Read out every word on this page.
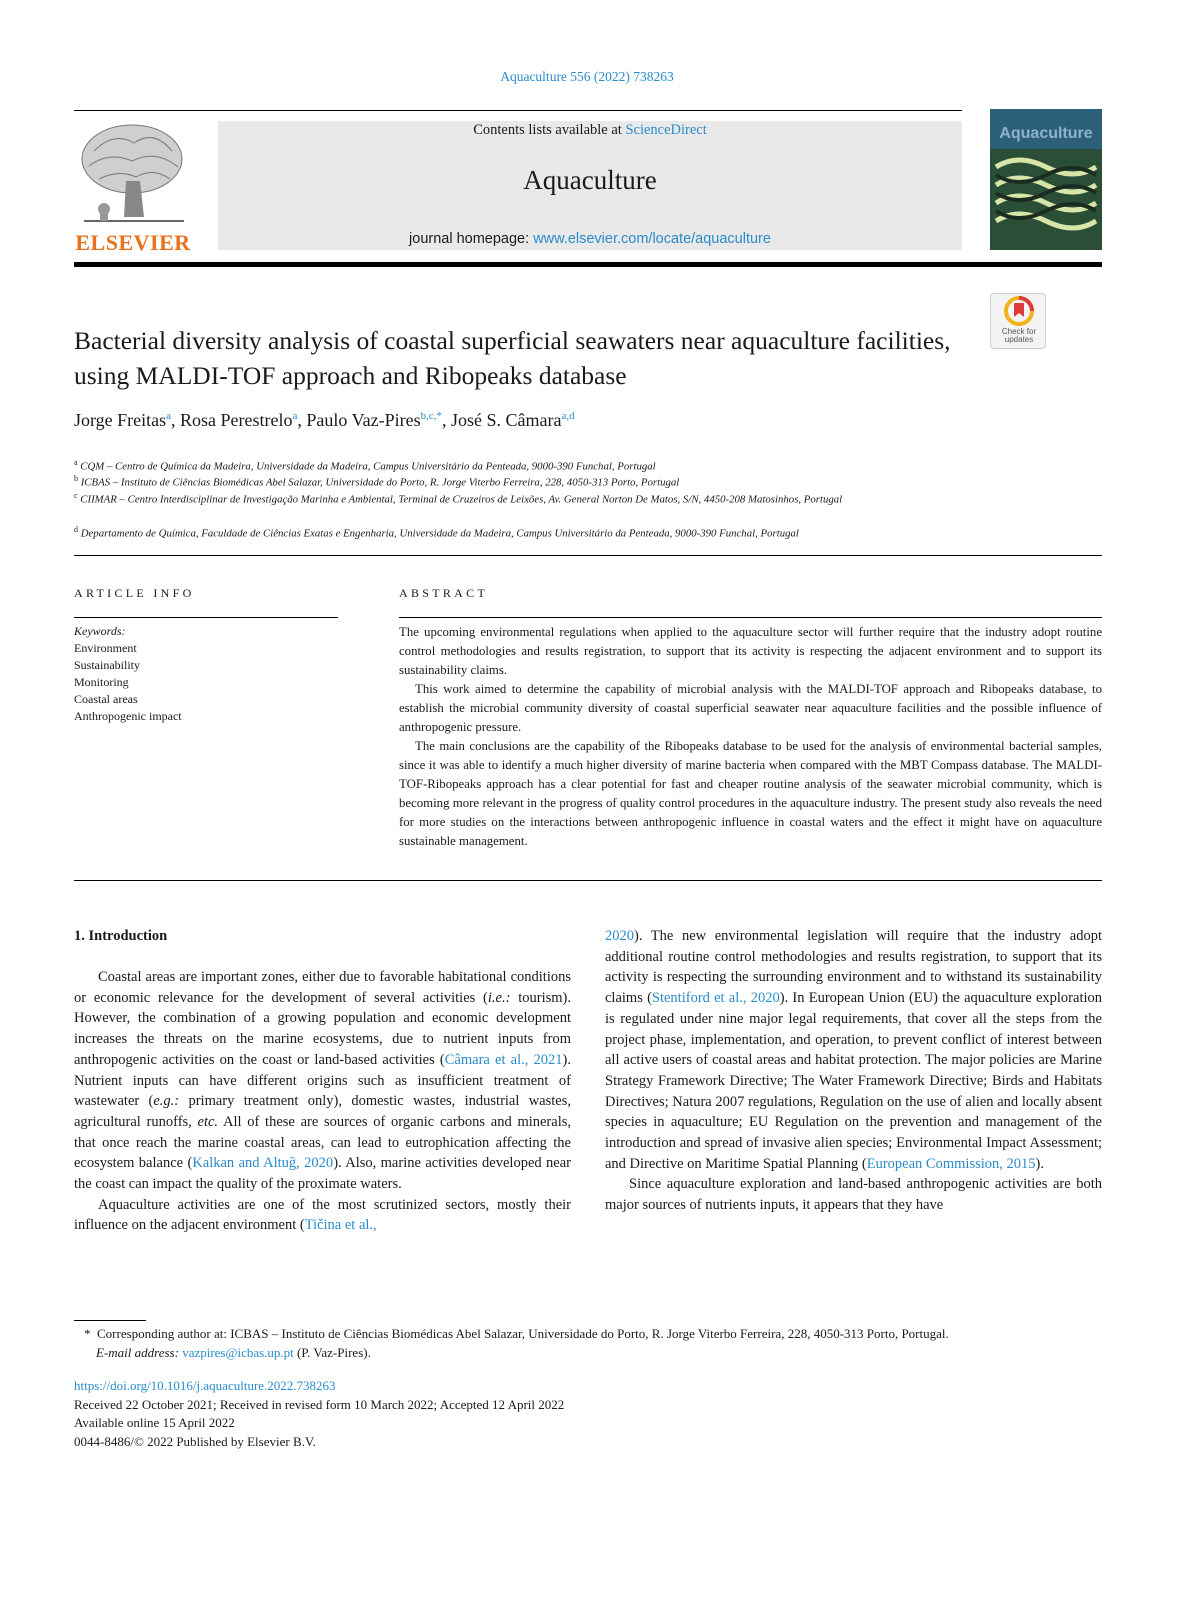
Aquaculture 556 (2022) 738263
ELSEVIER
Contents lists available at ScienceDirect
Aquaculture
journal homepage: www.elsevier.com/locate/aquaculture
Check for updates
Bacterial diversity analysis of coastal superficial seawaters near aquaculture facilities, using MALDI-TOF approach and Ribopeaks database
Jorge Freitas$^a$, Rosa Perestrelo$^a$, Paulo Vaz-Pires$^{b,c,*}$, José S. Câmara$^{a,d}$
$^a$ CQM – Centro de Química da Madeira, Universidade da Madeira, Campus Universitário da Penteada, 9000-390 Funchal, Portugal
$^b$ ICBAS – Instituto de Ciências Biomédicas Abel Salazar, Universidade do Porto, R. Jorge Viterbo Ferreira, 228, 4050-313 Porto, Portugal
$^c$ CIIMAR – Centro Interdisciplinar de Investigação Marinha e Ambiental, Terminal de Cruzeiros de Leixões, Av. General Norton De Matos, S/N, 4450-208 Matosinhos, Portugal
$^d$ Departamento de Química, Faculdade de Ciências Exatas e Engenharia, Universidade da Madeira, Campus Universitário da Penteada, 9000-390 Funchal, Portugal
ARTICLE INFO	ABSTRACT
Keywords:
Environment
Sustainability
Monitoring
Coastal areas
Anthropogenic impact

The upcoming environmental regulations when applied to the aquaculture sector will further require that the industry adopt routine control methodologies and results registration, to support that its activity is respecting the adjacent environment and to support its sustainability claims.

This work aimed to determine the capability of microbial analysis with the MALDI-TOF approach and Ribopeaks database, to establish the microbial community diversity of coastal superficial seawater near aquaculture facilities and the possible influence of anthropogenic pressure.

The main conclusions are the capability of the Ribopeaks database to be used for the analysis of environmental bacterial samples, since it was able to identify a much higher diversity of marine bacteria when compared with the MBT Compass database. The MALDI-TOF-Ribopeaks approach has a clear potential for fast and cheaper routine analysis of the seawater microbial community, which is becoming more relevant in the progress of quality control procedures in the aquaculture industry. The present study also reveals the need for more studies on the interactions between anthropogenic influence in coastal waters and the effect it might have on aquaculture sustainable management.

1. Introduction

Coastal areas are important zones, either due to favorable habitational conditions or economic relevance for the development of several activities (i.e.: tourism). However, the combination of a growing population and economic development increases the threats on the marine ecosystems, due to nutrient inputs from anthropogenic activities on the coast or land-based activities (Câmara et al., 2021). Nutrient inputs can have different origins such as insufficient treatment of wastewater (e.g.: primary treatment only), domestic wastes, industrial wastes, agricultural runoffs, etc. All of these are sources of organic carbons and minerals, that once reach the marine coastal areas, can lead to eutrophication affecting the ecosystem balance (Kalkan and Altuğ, 2020). Also, marine activities developed near the coast can impact the quality of the proximate waters.

Aquaculture activities are one of the most scrutinized sectors, mostly their influence on the adjacent environment (Tičina et al.,

2020). The new environmental legislation will require that the industry adopt additional routine control methodologies and results registration, to support that its activity is respecting the surrounding environment and to withstand its sustainability claims (Stentiford et al., 2020). In European Union (EU) the aquaculture exploration is regulated under nine major legal requirements, that cover all the steps from the project phase, implementation, and operation, to prevent conflict of interest between all active users of coastal areas and habitat protection. The major policies are Marine Strategy Framework Directive; The Water Framework Directive; Birds and Habitats Directives; Natura 2007 regulations, Regulation on the use of alien and locally absent species in aquaculture; EU Regulation on the prevention and management of the introduction and spread of invasive alien species; Environmental Impact Assessment; and Directive on Maritime Spatial Planning (European Commission, 2015).

Since aquaculture exploration and land-based anthropogenic activities are both major sources of nutrients inputs, it appears that they have

* Corresponding author at: ICBAS – Instituto de Ciências Biomédicas Abel Salazar, Universidade do Porto, R. Jorge Viterbo Ferreira, 228, 4050-313 Porto, Portugal.
E-mail address: vazpires@icbas.up.pt (P. Vaz-Pires).
https://doi.org/10.1016/j.aquaculture.2022.738263
Received 22 October 2021; Received in revised form 10 March 2022; Accepted 12 April 2022
Available online 15 April 2022
0044-8486/© 2022 Published by Elsevier B.V.
